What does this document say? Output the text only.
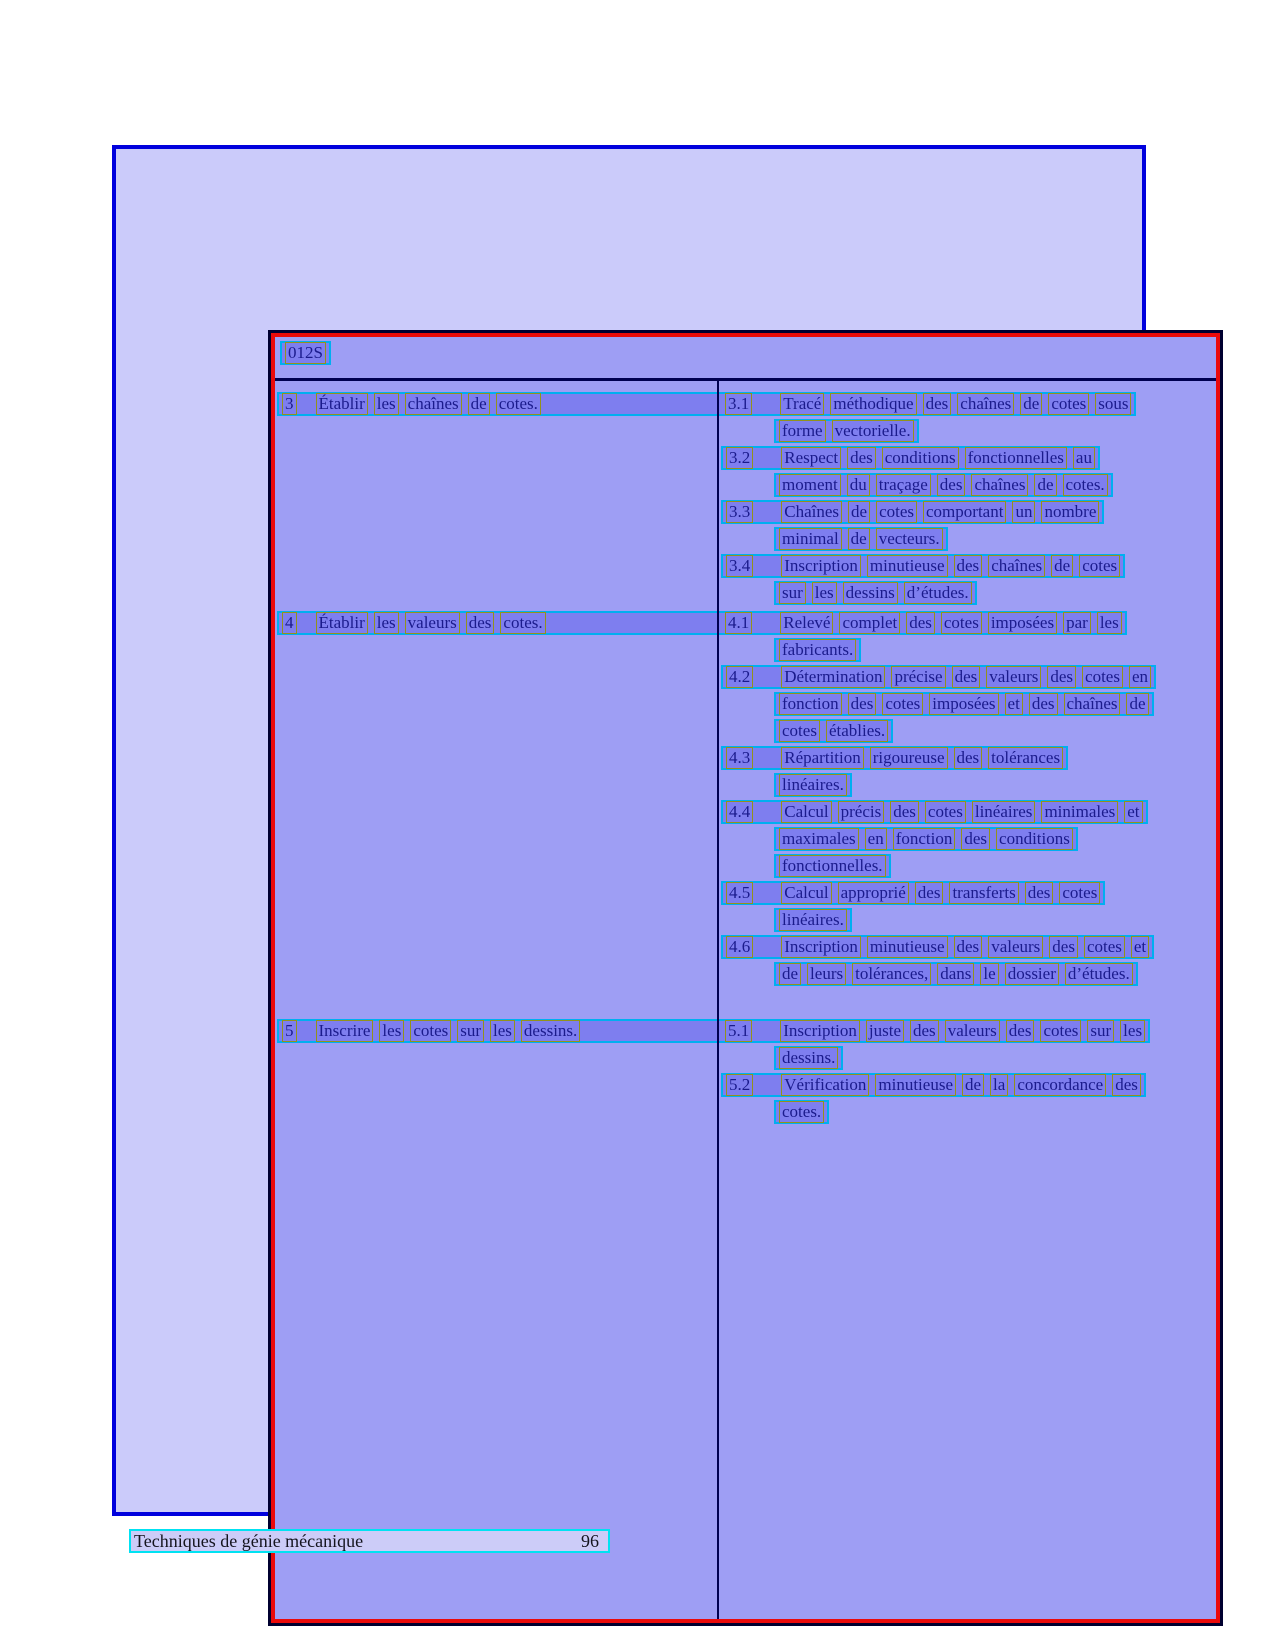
012S
3 Établir les chaînes de cotes.	3.1 Tracé méthodique des chaînes de cotes sous
forme vectorielle.
3.2 Respect des conditions fonctionnelles au
moment du traçage des chaînes de cotes.
3.3 Chaînes de cotes comportant un nombre
minimal de vecteurs.
3.4 Inscription minutieuse des chaînes de cotes
sur les dessins d’études.
4 Établir les valeurs des cotes.	4.1 Relevé complet des cotes imposées par les
fabricants.
4.2 Détermination précise des valeurs des cotes en
fonction des cotes imposées et des chaînes de
cotes établies.
4.3 Répartition rigoureuse des tolérances
linéaires.
4.4 Calcul précis des cotes linéaires minimales et
maximales en fonction des conditions
fonctionnelles.
4.5 Calcul approprié des transferts des cotes
linéaires.
4.6 Inscription minutieuse des valeurs des cotes et
de leurs tolérances, dans le dossier d’études.
5 Inscrire les cotes sur les dessins.	5.1 Inscription juste des valeurs des cotes sur les
dessins.
5.2 Vérification minutieuse de la concordance des
cotes.
Techniques de génie mécanique	96
